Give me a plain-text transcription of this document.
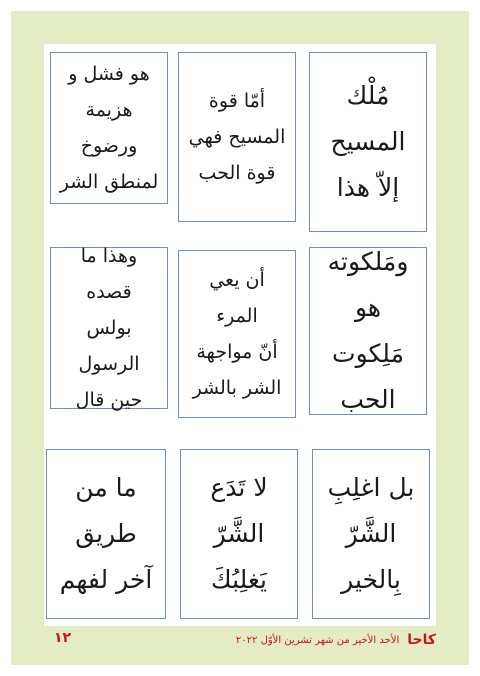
هو فشل و
هزيمة ورضوخ
لمنطق الشر
أمّا قوة
المسيح فهي
قوة الحب
مُلْك
المسيح
إلاّ هذا
وهذا ما قصده
بولس الرسول
حين قال
أن يعي المرء
أنّ مواجهة
الشر بالشر
ومَلكوته هو
مَلِكوت الحب
ما من طريق
آخر لفهم
لا تَدَع الشَّرّ
يَغلِبُكَ
بل اغلِبِ
الشَّرّ بِالخير
كاحا
الأحد الأخير من شهر تشرين الأوّل ٢٠٢٢
١٢
